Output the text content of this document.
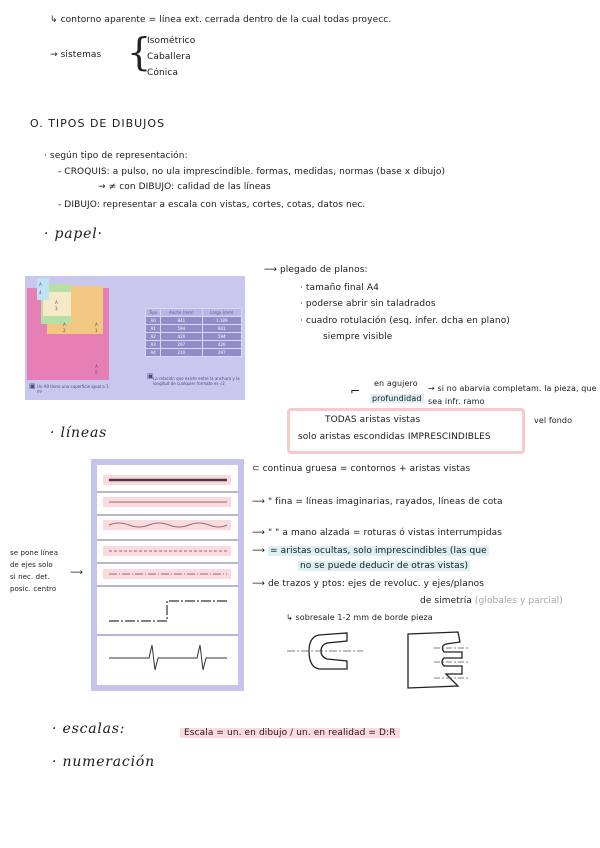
↳ contorno aparente = línea ext. cerrada dentro de la cual todas proyecc.
→ sistemas {
Isométrico
Caballera
Cónica
O. TIPOS DE DIBUJOS
· según tipo de representación:
- CROQUIS: a pulso, no ula imprescindible. formas, medidas, normas (base x dibujo)
→ ≠ con DIBUJO: calidad de las líneas
- DIBUJO: representar a escala con vistas, cortes, cotas, datos nec.
· papel·
A
4
A
3
A
2
A
1
A
0
▣ Un A0 tiene una superficie igual a 1 m²
▣ La relación que existe entre la anchura y la longitud de cualquier formato es √2
Tipo	Ancho (mm)	Largo (mm)
A0	841	1.189
A1	594	841
A2	420	594
A3	297	420
A4	210	297
⟶ plegado de planos:
· tamaño final A4
· poderse abrir sin taladrados
· cuadro rotulación (esq. infer. dcha en plano)
siempre visible
· líneas
en agujero
profundidad
⌐	→ si no abarvia completam. la pieza, que sea infr. ramo
TODAS aristas vistas	vel fondo
solo aristas escondidas IMPRESCINDIBLES
se pone línea
de ejes solo
si nec. det.
posic. centro
⟶
⊂ continua gruesa = contornos + aristas vistas
⟶ " fina = líneas imaginarias, rayados, líneas de cota
⟶ " " a mano alzada = roturas ó vistas interrumpidas
⟶ = aristas ocultas, solo imprescindibles (las que
no se puede deducir de otras vistas)
⟶ de trazos y ptos: ejes de revoluc. y ejes/planos
de simetría (globales y parcial)
↳ sobresale 1-2 mm de borde pieza
· escalas:	Escala = un. en dibujo / un. en realidad = D:R
· numeración
